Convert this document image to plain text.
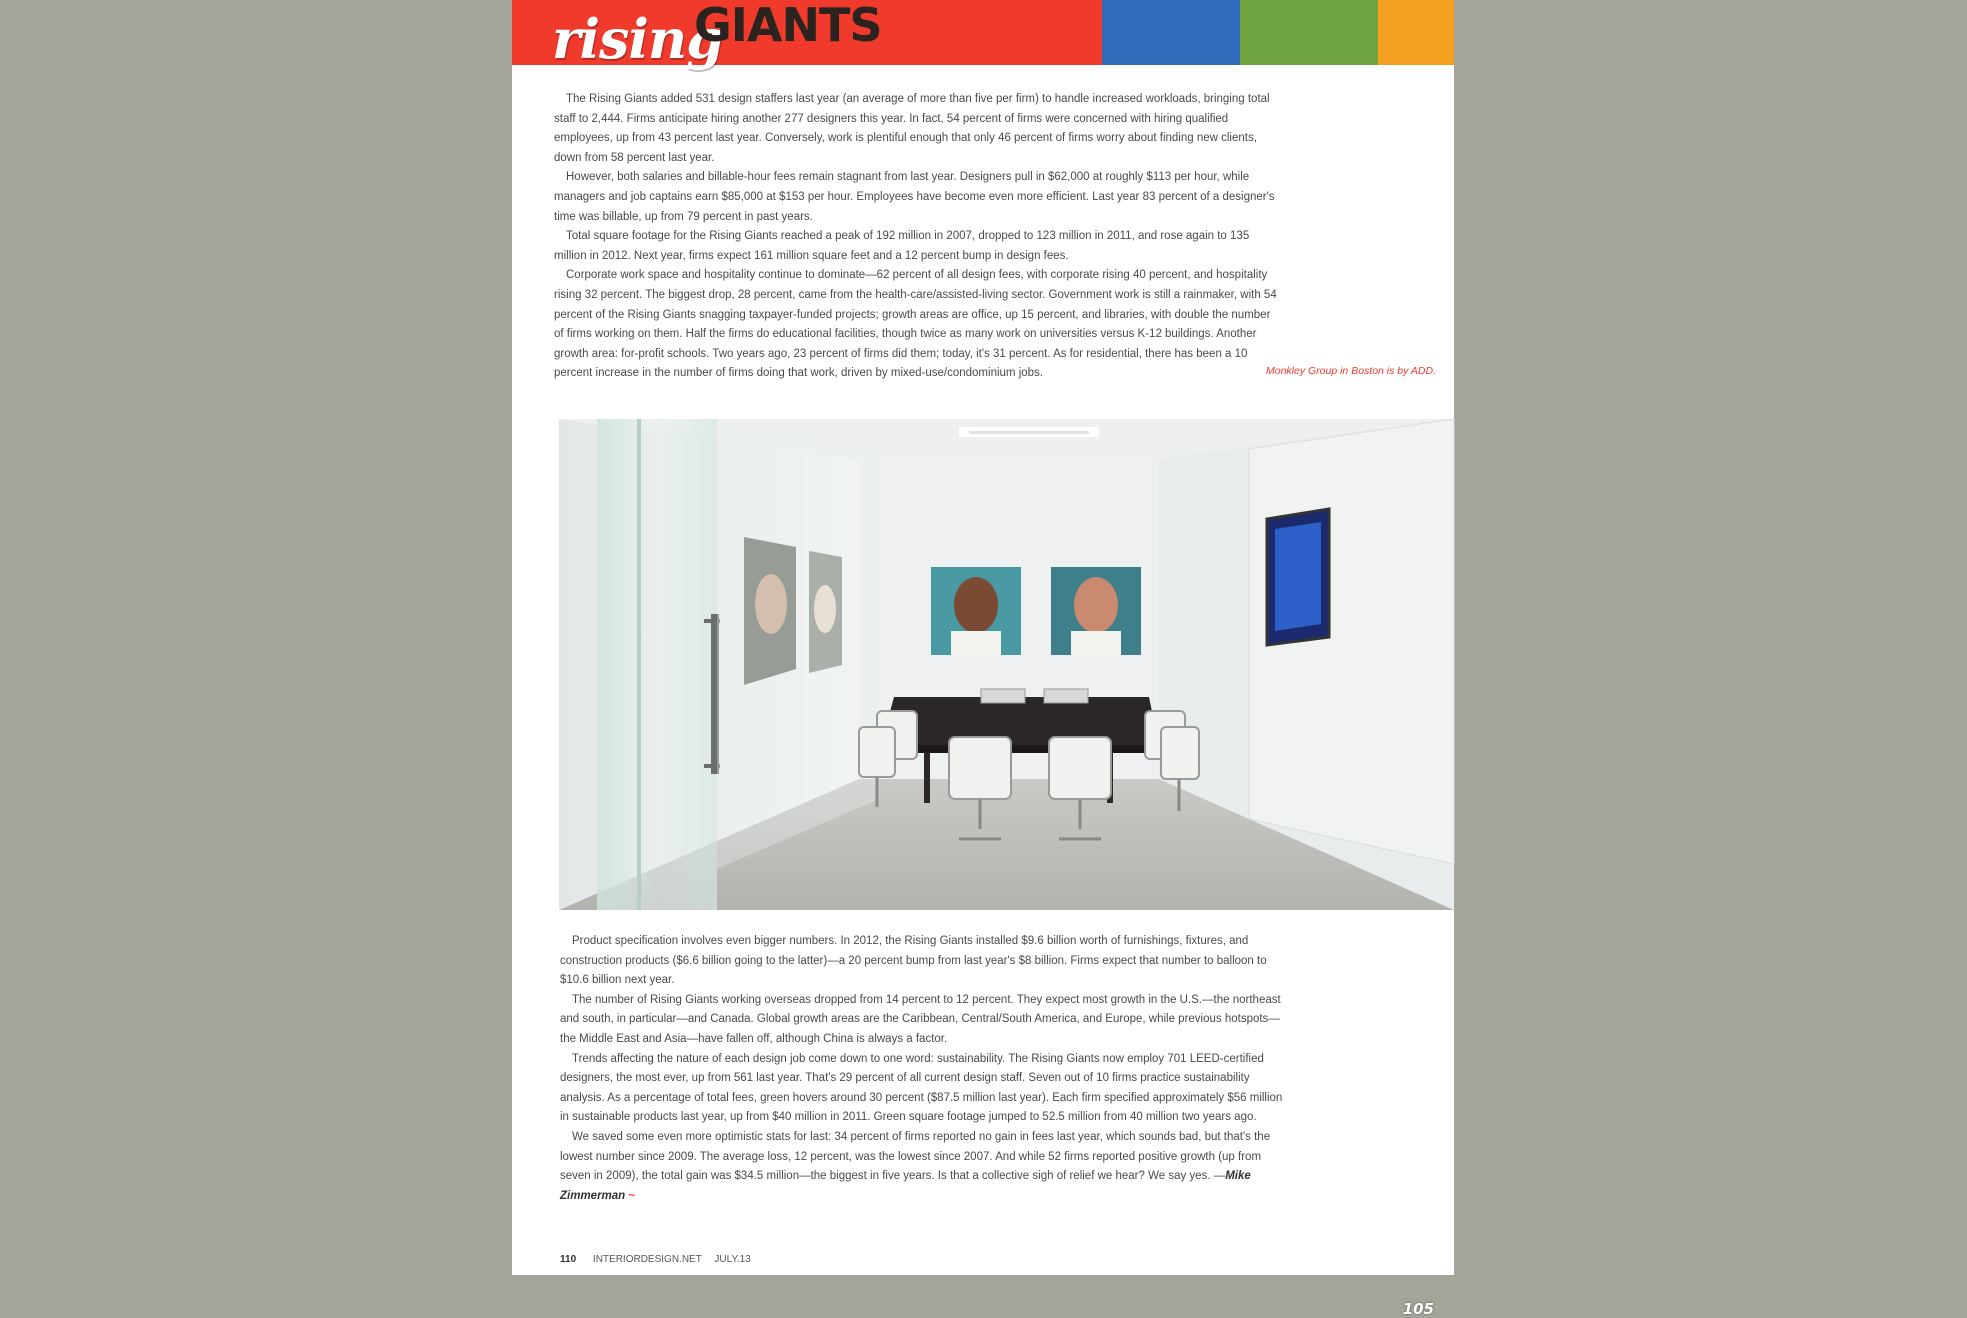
rising
GIANTS

The Rising Giants added 531 design staffers last year (an average of more than five per firm) to handle increased workloads, bringing total staff to 2,444. Firms anticipate hiring another 277 designers this year. In fact, 54 percent of firms were concerned with hiring qualified employees, up from 43 percent last year. Conversely, work is plentiful enough that only 46 percent of firms worry about finding new clients, down from 58 percent last year.

However, both salaries and billable-hour fees remain stagnant from last year. Designers pull in $62,000 at roughly $113 per hour, while managers and job captains earn $85,000 at $153 per hour. Employees have become even more efficient. Last year 83 percent of a designer's time was billable, up from 79 percent in past years.

Total square footage for the Rising Giants reached a peak of 192 million in 2007, dropped to 123 million in 2011, and rose again to 135 million in 2012. Next year, firms expect 161 million square feet and a 12 percent bump in design fees.

Corporate work space and hospitality continue to dominate—62 percent of all design fees, with corporate rising 40 percent, and hospitality rising 32 percent. The biggest drop, 28 percent, came from the health-care/assisted-living sector. Government work is still a rainmaker, with 54 percent of the Rising Giants snagging taxpayer-funded projects; growth areas are office, up 15 percent, and libraries, with double the number of firms working on them. Half the firms do educational facilities, though twice as many work on universities versus K-12 buildings. Another growth area: for-profit schools. Two years ago, 23 percent of firms did them; today, it's 31 percent. As for residential, there has been a 10 percent increase in the number of firms doing that work, driven by mixed-use/condominium jobs.	Monkley Group in Boston is by ADD.
105

Product specification involves even bigger numbers. In 2012, the Rising Giants installed $9.6 billion worth of furnishings, fixtures, and construction products ($6.6 billion going to the latter)—a 20 percent bump from last year's $8 billion. Firms expect that number to balloon to $10.6 billion next year.

The number of Rising Giants working overseas dropped from 14 percent to 12 percent. They expect most growth in the U.S.—the northeast and south, in particular—and Canada. Global growth areas are the Caribbean, Central/South America, and Europe, while previous hotspots—the Middle East and Asia—have fallen off, although China is always a factor.

Trends affecting the nature of each design job come down to one word: sustainability. The Rising Giants now employ 701 LEED-certified designers, the most ever, up from 561 last year. That's 29 percent of all current design staff. Seven out of 10 firms practice sustainability analysis. As a percentage of total fees, green hovers around 30 percent ($87.5 million last year). Each firm specified approximately $56 million in sustainable products last year, up from $40 million in 2011. Green square footage jumped to 52.5 million from 40 million two years ago.

We saved some even more optimistic stats for last: 34 percent of firms reported no gain in fees last year, which sounds bad, but that's the lowest number since 2009. The average loss, 12 percent, was the lowest since 2007. And while 52 firms reported positive growth (up from seven in 2009), the total gain was $34.5 million—the biggest in five years. Is that a collective sigh of relief we hear? We say yes. —Mike Zimmerman ~

110 INTERIORDESIGN.NET JULY.13
